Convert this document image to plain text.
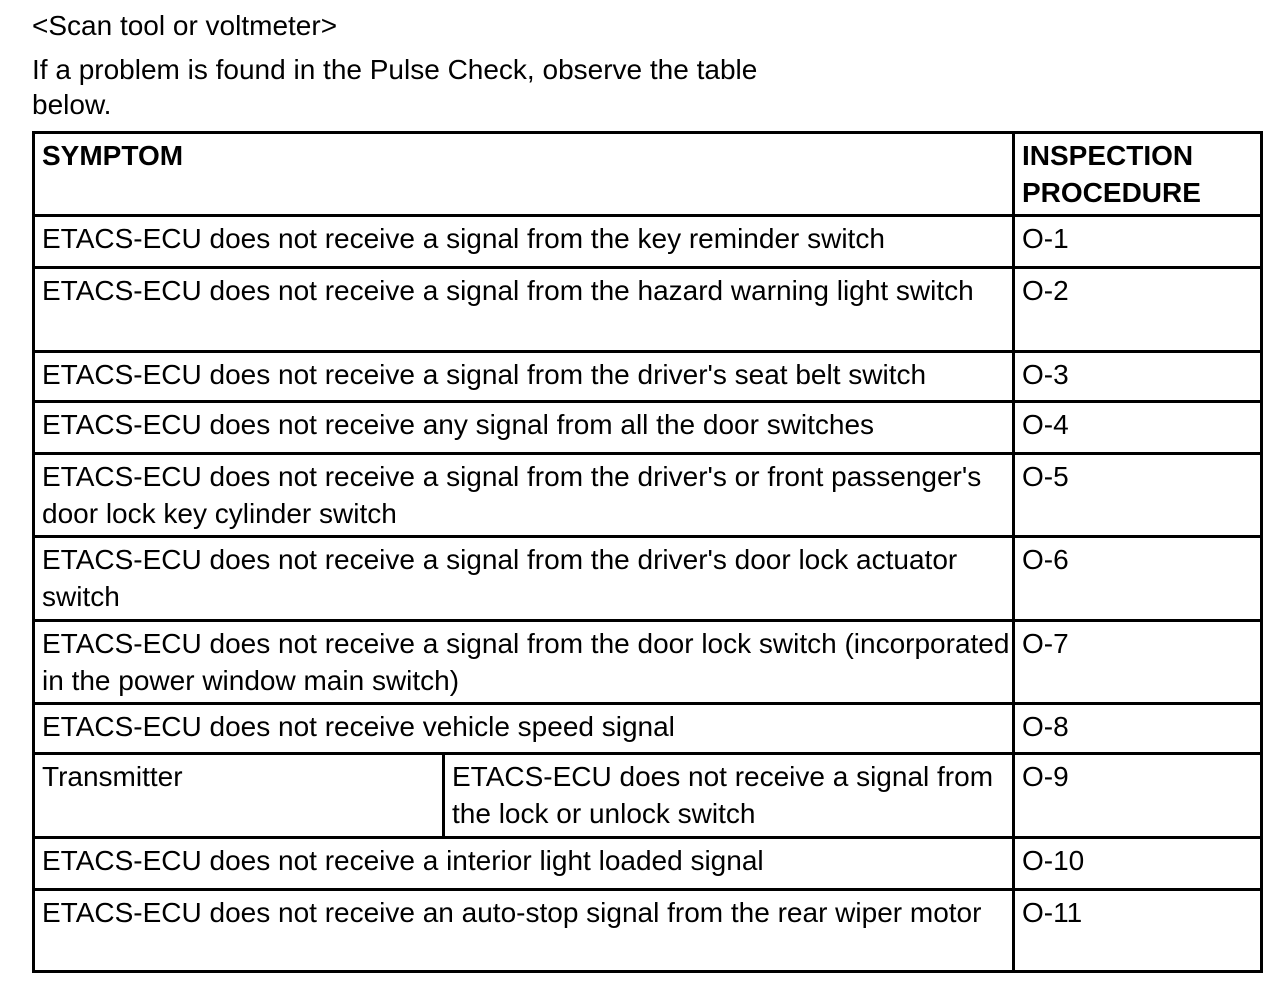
<Scan tool or voltmeter>

If a problem is found in the Pulse Check, observe the table below.

SYMPTOM		INSPECTION PROCEDURE
ETACS-ECU does not receive a signal from the key reminder switch		O-1
ETACS-ECU does not receive a signal from the hazard warning light switch		O-2
ETACS-ECU does not receive a signal from the driver's seat belt switch		O-3
ETACS-ECU does not receive any signal from all the door switches		O-4
ETACS-ECU does not receive a signal from the driver's or front passenger's door lock key cylinder switch		O-5
ETACS-ECU does not receive a signal from the driver's door lock actuator switch		O-6
ETACS-ECU does not receive a signal from the door lock switch (incorporated in the power window main switch)		O-7
ETACS-ECU does not receive vehicle speed signal		O-8
Transmitter	ETACS-ECU does not receive a signal from the lock or unlock switch	O-9
ETACS-ECU does not receive a interior light loaded signal		O-10
ETACS-ECU does not receive an auto-stop signal from the rear wiper motor		O-11
